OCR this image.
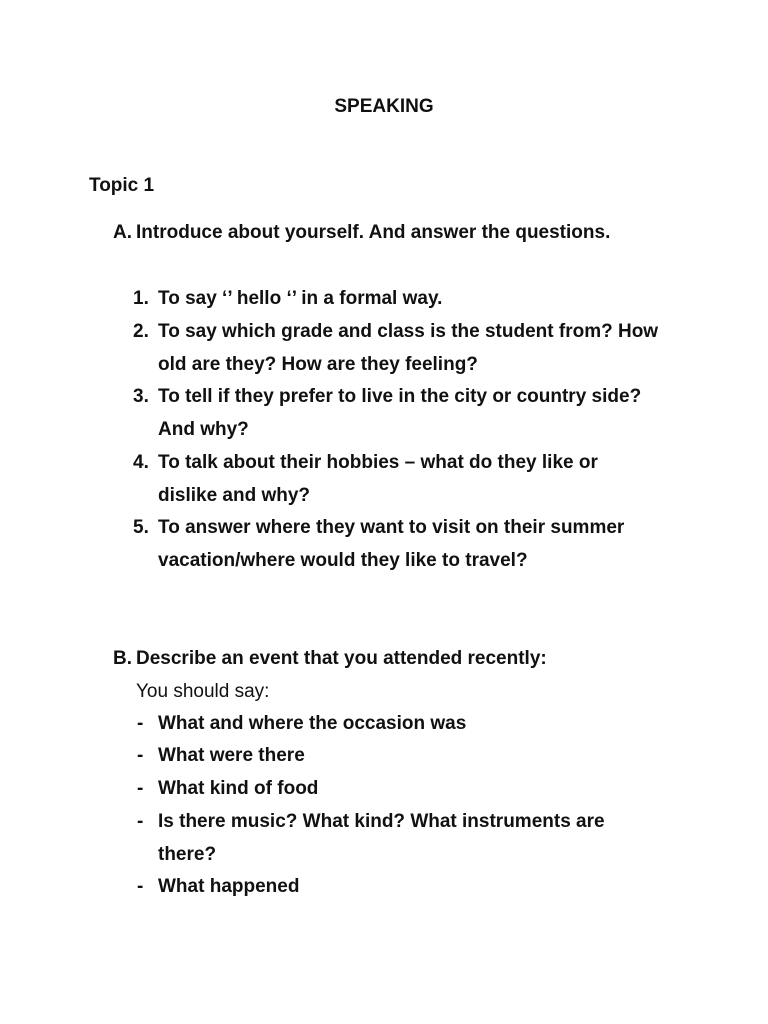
SPEAKING
Topic 1
A. Introduce about yourself. And answer the questions.
1. To say ‘’ hello ‘’ in a formal way.
2. To say which grade and class is the student from? How
old are they? How are they feeling?
3. To tell if they prefer to live in the city or country side?
And why?
4. To talk about their hobbies – what do they like or
dislike and why?
5. To answer where they want to visit on their summer
vacation/where would they like to travel?
B. Describe an event that you attended recently:
You should say:
- What and where the occasion was
- What were there
- What kind of food
- Is there music? What kind? What instruments are
there?
- What happened
